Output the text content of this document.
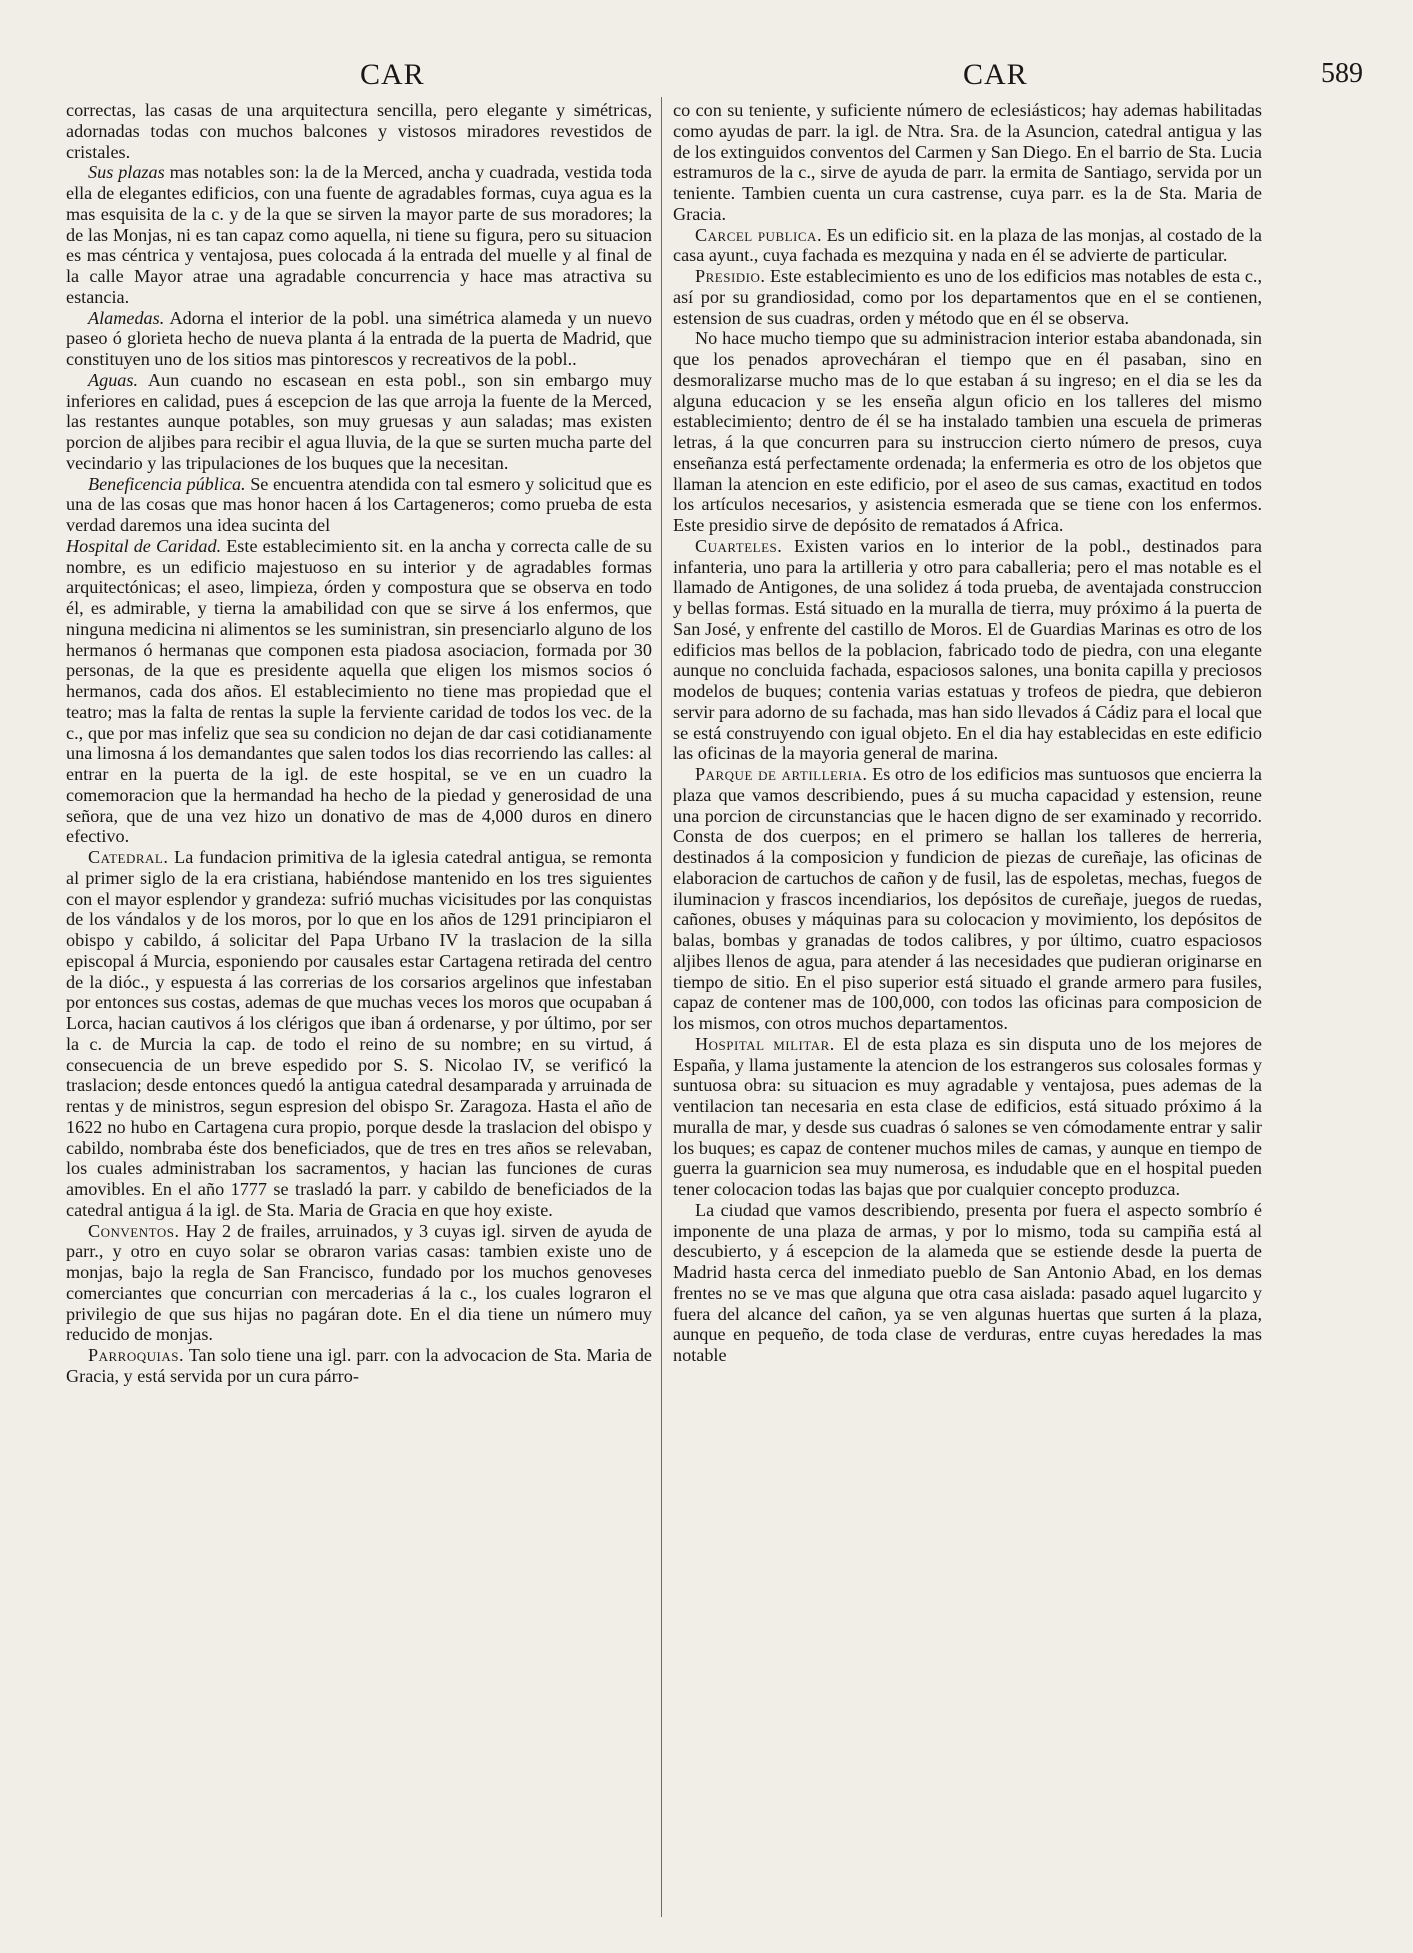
CAR	CAR	589

correctas, las casas de una arquitectura sencilla, pero elegante y simétricas, adornadas todas con muchos balcones y vistosos miradores revestidos de cristales.

Sus plazas mas notables son: la de la Merced, ancha y cuadrada, vestida toda ella de elegantes edificios, con una fuente de agradables formas, cuya agua es la mas esquisita de la c. y de la que se sirven la mayor parte de sus moradores; la de las Monjas, ni es tan capaz como aquella, ni tiene su figura, pero su situacion es mas céntrica y ventajosa, pues colocada á la entrada del muelle y al final de la calle Mayor atrae una agradable concurrencia y hace mas atractiva su estancia.

Alamedas. Adorna el interior de la pobl. una simétrica alameda y un nuevo paseo ó glorieta hecho de nueva planta á la entrada de la puerta de Madrid, que constituyen uno de los sitios mas pintorescos y recreativos de la pobl..

Aguas. Aun cuando no escasean en esta pobl., son sin embargo muy inferiores en calidad, pues á escepcion de las que arroja la fuente de la Merced, las restantes aunque potables, son muy gruesas y aun saladas; mas existen porcion de aljibes para recibir el agua lluvia, de la que se surten mucha parte del vecindario y las tripulaciones de los buques que la necesitan.

Beneficencia pública. Se encuentra atendida con tal esmero y solicitud que es una de las cosas que mas honor hacen á los Cartageneros; como prueba de esta verdad daremos una idea sucinta del

Hospital de Caridad. Este establecimiento sit. en la ancha y correcta calle de su nombre, es un edificio majestuoso en su interior y de agradables formas arquitectónicas; el aseo, limpieza, órden y compostura que se observa en todo él, es admirable, y tierna la amabilidad con que se sirve á los enfermos, que ninguna medicina ni alimentos se les suministran, sin presenciarlo alguno de los hermanos ó hermanas que componen esta piadosa asociacion, formada por 30 personas, de la que es presidente aquella que eligen los mismos socios ó hermanos, cada dos años. El establecimiento no tiene mas propiedad que el teatro; mas la falta de rentas la suple la ferviente caridad de todos los vec. de la c., que por mas infeliz que sea su condicion no dejan de dar casi cotidianamente una limosna á los demandantes que salen todos los dias recorriendo las calles: al entrar en la puerta de la igl. de este hospital, se ve en un cuadro la comemoracion que la hermandad ha hecho de la piedad y generosidad de una señora, que de una vez hizo un donativo de mas de 4,000 duros en dinero efectivo.

Catedral. La fundacion primitiva de la iglesia catedral antigua, se remonta al primer siglo de la era cristiana, habiéndose mantenido en los tres siguientes con el mayor esplendor y grandeza: sufrió muchas vicisitudes por las conquistas de los vándalos y de los moros, por lo que en los años de 1291 principiaron el obispo y cabildo, á solicitar del Papa Urbano IV la traslacion de la silla episcopal á Murcia, esponiendo por causales estar Cartagena retirada del centro de la dióc., y espuesta á las correrias de los corsarios argelinos que infestaban por entonces sus costas, ademas de que muchas veces los moros que ocupaban á Lorca, hacian cautivos á los clérigos que iban á ordenarse, y por último, por ser la c. de Murcia la cap. de todo el reino de su nombre; en su virtud, á consecuencia de un breve espedido por S. S. Nicolao IV, se verificó la traslacion; desde entonces quedó la antigua catedral desamparada y arruinada de rentas y de ministros, segun espresion del obispo Sr. Zaragoza. Hasta el año de 1622 no hubo en Cartagena cura propio, porque desde la traslacion del obispo y cabildo, nombraba éste dos beneficiados, que de tres en tres años se relevaban, los cuales administraban los sacramentos, y hacian las funciones de curas amovibles. En el año 1777 se trasladó la parr. y cabildo de beneficiados de la catedral antigua á la igl. de Sta. Maria de Gracia en que hoy existe.

Conventos. Hay 2 de frailes, arruinados, y 3 cuyas igl. sirven de ayuda de parr., y otro en cuyo solar se obraron varias casas: tambien existe uno de monjas, bajo la regla de San Francisco, fundado por los muchos genoveses comerciantes que concurrian con mercaderias á la c., los cuales lograron el privilegio de que sus hijas no pagáran dote. En el dia tiene un número muy reducido de monjas.

Parroquias. Tan solo tiene una igl. parr. con la advocacion de Sta. Maria de Gracia, y está servida por un cura párro-

co con su teniente, y suficiente número de eclesiásticos; hay ademas habilitadas como ayudas de parr. la igl. de Ntra. Sra. de la Asuncion, catedral antigua y las de los extinguidos conventos del Carmen y San Diego. En el barrio de Sta. Lucia estramuros de la c., sirve de ayuda de parr. la ermita de Santiago, servida por un teniente. Tambien cuenta un cura castrense, cuya parr. es la de Sta. Maria de Gracia.

Carcel publica. Es un edificio sit. en la plaza de las monjas, al costado de la casa ayunt., cuya fachada es mezquina y nada en él se advierte de particular.

Presidio. Este establecimiento es uno de los edificios mas notables de esta c., así por su grandiosidad, como por los departamentos que en el se contienen, estension de sus cuadras, orden y método que en él se observa.

No hace mucho tiempo que su administracion interior estaba abandonada, sin que los penados aprovecháran el tiempo que en él pasaban, sino en desmoralizarse mucho mas de lo que estaban á su ingreso; en el dia se les da alguna educacion y se les enseña algun oficio en los talleres del mismo establecimiento; dentro de él se ha instalado tambien una escuela de primeras letras, á la que concurren para su instruccion cierto número de presos, cuya enseñanza está perfectamente ordenada; la enfermeria es otro de los objetos que llaman la atencion en este edificio, por el aseo de sus camas, exactitud en todos los artículos necesarios, y asistencia esmerada que se tiene con los enfermos. Este presidio sirve de depósito de rematados á Africa.

Cuarteles. Existen varios en lo interior de la pobl., destinados para infanteria, uno para la artilleria y otro para caballeria; pero el mas notable es el llamado de Antigones, de una solidez á toda prueba, de aventajada construccion y bellas formas. Está situado en la muralla de tierra, muy próximo á la puerta de San José, y enfrente del castillo de Moros. El de Guardias Marinas es otro de los edificios mas bellos de la poblacion, fabricado todo de piedra, con una elegante aunque no concluida fachada, espaciosos salones, una bonita capilla y preciosos modelos de buques; contenia varias estatuas y trofeos de piedra, que debieron servir para adorno de su fachada, mas han sido llevados á Cádiz para el local que se está construyendo con igual objeto. En el dia hay establecidas en este edificio las oficinas de la mayoria general de marina.

Parque de artilleria. Es otro de los edificios mas suntuosos que encierra la plaza que vamos describiendo, pues á su mucha capacidad y estension, reune una porcion de circunstancias que le hacen digno de ser examinado y recorrido. Consta de dos cuerpos; en el primero se hallan los talleres de herreria, destinados á la composicion y fundicion de piezas de cureñaje, las oficinas de elaboracion de cartuchos de cañon y de fusil, las de espoletas, mechas, fuegos de iluminacion y frascos incendiarios, los depósitos de cureñaje, juegos de ruedas, cañones, obuses y máquinas para su colocacion y movimiento, los depósitos de balas, bombas y granadas de todos calibres, y por último, cuatro espaciosos aljibes llenos de agua, para atender á las necesidades que pudieran originarse en tiempo de sitio. En el piso superior está situado el grande armero para fusiles, capaz de contener mas de 100,000, con todos las oficinas para composicion de los mismos, con otros muchos departamentos.

Hospital militar. El de esta plaza es sin disputa uno de los mejores de España, y llama justamente la atencion de los estrangeros sus colosales formas y suntuosa obra: su situacion es muy agradable y ventajosa, pues ademas de la ventilacion tan necesaria en esta clase de edificios, está situado próximo á la muralla de mar, y desde sus cuadras ó salones se ven cómodamente entrar y salir los buques; es capaz de contener muchos miles de camas, y aunque en tiempo de guerra la guarnicion sea muy numerosa, es indudable que en el hospital pueden tener colocacion todas las bajas que por cualquier concepto produzca.

La ciudad que vamos describiendo, presenta por fuera el aspecto sombrío é imponente de una plaza de armas, y por lo mismo, toda su campiña está al descubierto, y á escepcion de la alameda que se estiende desde la puerta de Madrid hasta cerca del inmediato pueblo de San Antonio Abad, en los demas frentes no se ve mas que alguna que otra casa aislada: pasado aquel lugarcito y fuera del alcance del cañon, ya se ven algunas huertas que surten á la plaza, aunque en pequeño, de toda clase de verduras, entre cuyas heredades la mas notable
